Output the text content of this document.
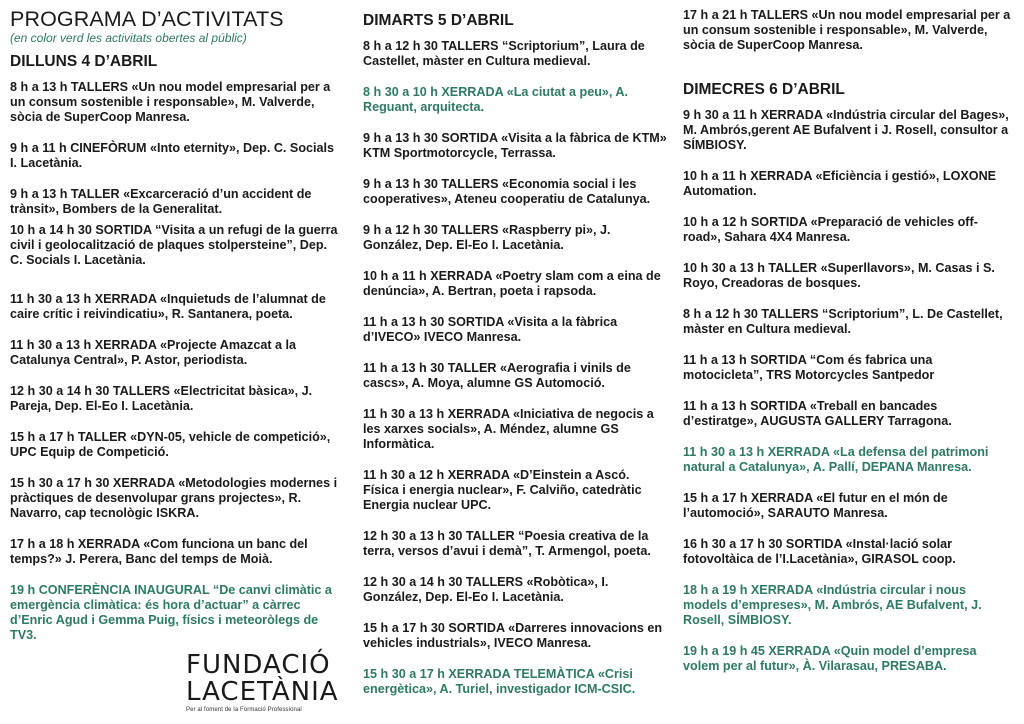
PROGRAMA D’ACTIVITATS
(en color verd les activitats obertes al públic)
DILLUNS 4 D’ABRIL
8 h a 13 h TALLERS «Un nou model empresarial per a un consum sostenible i responsable», M. Valverde, sòcia de SuperCoop Manresa.
9 h a 11 h CINEFÒRUM «Into eternity», Dep. C. Socials I. Lacetània.
9 h a 13 h TALLER «Excarceració d’un accident de trànsit», Bombers de la Generalitat.
10 h a 14 h 30 SORTIDA “Visita a un refugi de la guerra civil i geolocalització de plaques stolpersteine”, Dep. C. Socials I. Lacetània.
11 h 30 a 13 h XERRADA «Inquietuds de l’alumnat de caire crític i reivindicatiu», R. Santanera, poeta.
11 h 30 a 13 h XERRADA «Projecte Amazcat a la Catalunya Central», P. Astor, periodista.
12 h 30 a 14 h 30 TALLERS «Electricitat bàsica», J. Pareja, Dep. El-Eo I. Lacetània.
15 h a 17 h TALLER «DYN-05, vehicle de competició», UPC Equip de Competició.
15 h 30 a 17 h 30 XERRADA «Metodologies modernes i pràctiques de desenvolupar grans projectes», R. Navarro, cap tecnològic ISKRA.
17 h a 18 h XERRADA «Com funciona un banc del temps?» J. Perera, Banc del temps de Moià.
19 h CONFERÈNCIA INAUGURAL “De canvi climàtic a emergència climàtica: és hora d’actuar” a càrrec d’Enric Agud i Gemma Puig, físics i meteoròlegs de TV3.
DIMARTS 5 D’ABRIL
8 h a 12 h 30 TALLERS “Scriptorium”, Laura de Castellet, màster en Cultura medieval.
8 h 30 a 10 h XERRADA «La ciutat a peu», A. Reguant, arquitecta.
9 h a 13 h 30 SORTIDA «Visita a la fàbrica de KTM» KTM Sportmotorcycle, Terrassa.
9 h a 13 h 30 TALLERS «Economia social i les cooperatives», Ateneu cooperatiu de Catalunya.
9 h a 12 h 30 TALLERS «Raspberry pi», J. González, Dep. El-Eo I. Lacetània.
10 h a 11 h XERRADA «Poetry slam com a eina de denúncia», A. Bertran, poeta i rapsoda.
11 h a 13 h 30 SORTIDA «Visita a la fàbrica d’IVECO» IVECO Manresa.
11 h a 13 h 30 TALLER «Aerografia i vinils de cascs», A. Moya, alumne GS Automoció.
11 h 30 a 13 h XERRADA «Iniciativa de negocis a les xarxes socials», A. Méndez, alumne GS Informàtica.
11 h 30 a 12 h XERRADA «D’Einstein a Ascó. Física i energia nuclear», F. Calviño, catedràtic Energia nuclear UPC.
12 h 30 a 13 h 30 TALLER “Poesia creativa de la terra, versos d’avui i demà”, T. Armengol, poeta.
12 h 30 a 14 h 30 TALLERS «Robòtica», I. González, Dep. El-Eo I. Lacetània.
15 h a 17 h 30 SORTIDA «Darreres innovacions en vehicles industrials», IVECO Manresa.
15 h 30 a 17 h XERRADA TELEMÀTICA «Crisi energètica», A. Turiel, investigador ICM-CSIC.
17 h a 21 h TALLERS «Un nou model empresarial per a un consum sostenible i responsable», M. Valverde, sòcia de SuperCoop Manresa.
DIMECRES 6 D’ABRIL
9 h 30 a 11 h XERRADA «Indústria circular del Bages», M. Ambrós,gerent AE Bufalvent i J. Rosell, consultor a SÍMBIOSY.
10 h a 11 h XERRADA «Eficiència i gestió», LOXONE Automation.
10 h a 12 h SORTIDA «Preparació de vehicles off-road», Sahara 4X4 Manresa.
10 h 30 a 13 h TALLER «Superllavors», M. Casas i S. Royo, Creadoras de bosques.
8 h a 12 h 30 TALLERS “Scriptorium”, L. De Castellet, màster en Cultura medieval.
11 h a 13 h SORTIDA “Com és fabrica una motocicleta”, TRS Motorcycles Santpedor
11 h a 13 h SORTIDA «Treball en bancades d’estiratge», AUGUSTA GALLERY Tarragona.
11 h 30 a 13 h XERRADA «La defensa del patrimoni natural a Catalunya», A. Pallí, DEPANA Manresa.
15 h a 17 h XERRADA «El futur en el món de l’automoció», SARAUTO Manresa.
16 h 30 a 17 h 30 SORTIDA «Instal·lació solar fotovoltàica de l’I.Lacetània», GIRASOL coop.
18 h a 19 h XERRADA «Indústria circular i nous models d’empreses», M. Ambrós, AE Bufalvent, J. Rosell, SÍMBIOSY.
19 h a 19 h 45 XERRADA «Quin model d’empresa volem per al futur», À. Vilarasau, PRESABA.
FUNDACIÓ
LACETÀNIA
Per al foment de la Formació Professional
